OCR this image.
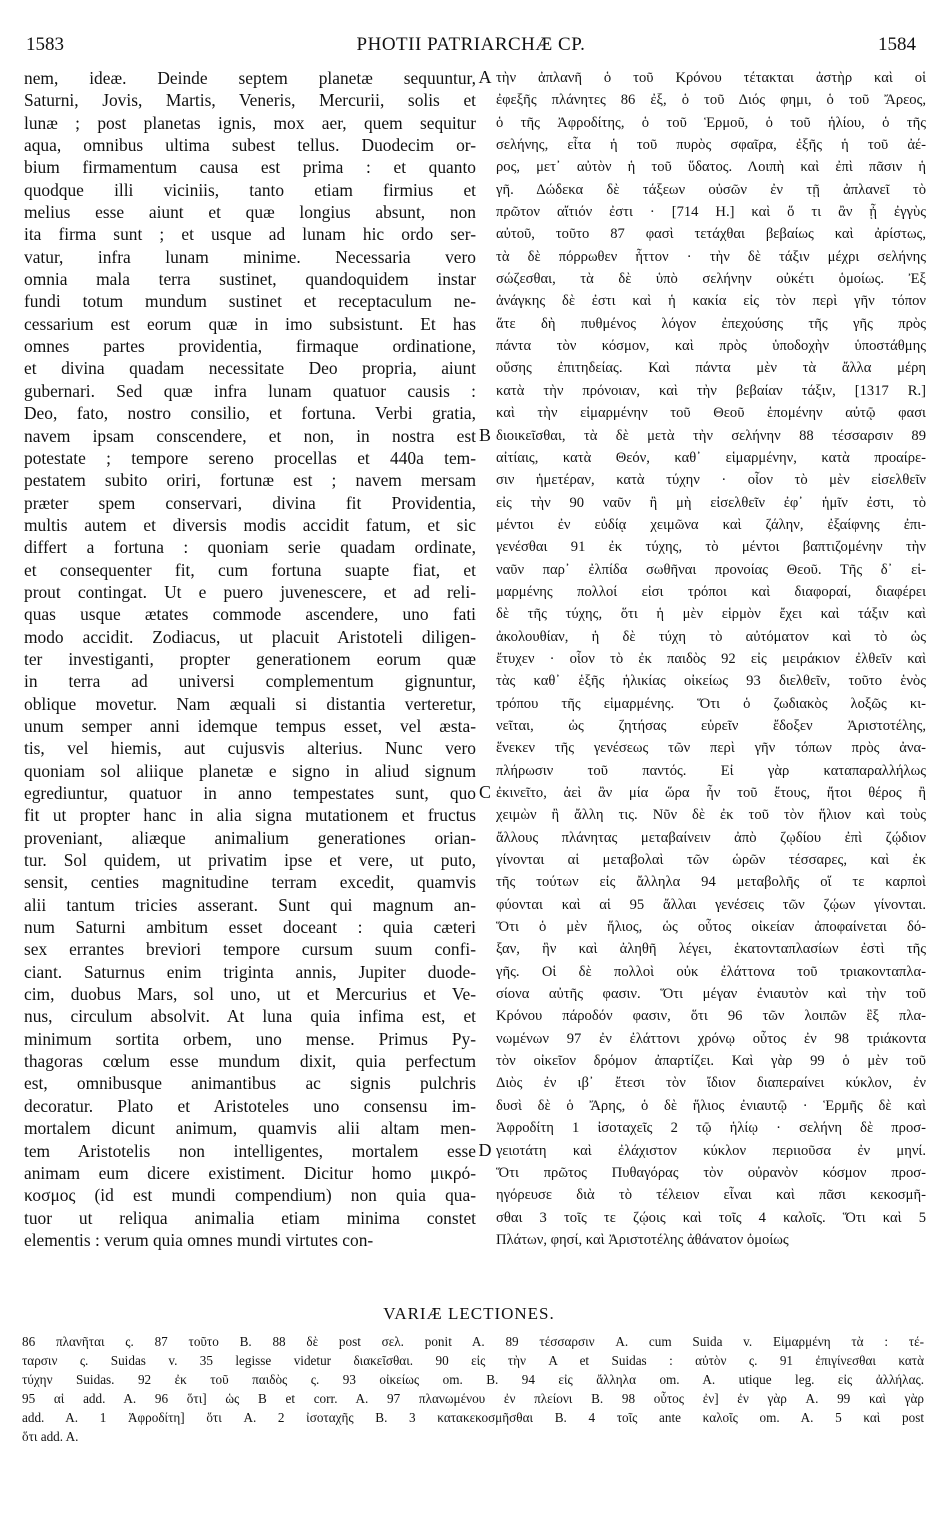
1583	PHOTII PATRIARCHÆ CP.	1584
nem, ideæ. Deinde septem planetæ sequuntur,
Saturni, Jovis, Martis, Veneris, Mercurii, solis et
lunæ ; post planetas ignis, mox aer, quem sequitur
aqua, omnibus ultima subest tellus. Duodecim or-
bium firmamentum causa est prima : et quanto
quodque illi viciniis, tanto etiam firmius et
melius esse aiunt et quæ longius absunt, non
ita firma sunt ; et usque ad lunam hic ordo ser-
vatur, infra lunam minime. Necessaria vero
omnia mala terra sustinet, quandoquidem instar
fundi totum mundum sustinet et receptaculum ne-
cessarium est eorum quæ in imo subsistunt. Et has
omnes partes providentia, firmaque ordinatione,
et divina quadam necessitate Deo propria, aiunt
gubernari. Sed quæ infra lunam quatuor causis :
Deo, fato, nostro consilio, et fortuna. Verbi gratia,
navem ipsam conscendere, et non, in nostra est
potestate ; tempore sereno procellas et 440a tem-
pestatem subito oriri, fortunæ est ; navem mersam
præter spem conservari, divina fit Providentia,
multis autem et diversis modis accidit fatum, et sic
differt a fortuna : quoniam serie quadam ordinate,
et consequenter fit, cum fortuna suapte fiat, et
prout contingat. Ut e puero juvenescere, et ad reli-
quas usque ætates commode ascendere, uno fati
modo accidit. Zodiacus, ut placuit Aristoteli diligen-
ter investiganti, propter generationem eorum quæ
in terra ad universi complementum gignuntur,
oblique movetur. Nam æquali si distantia verteretur,
unum semper anni idemque tempus esset, vel æsta-
tis, vel hiemis, aut cujusvis alterius. Nunc vero
quoniam sol aliique planetæ e signo in aliud signum
egrediuntur, quatuor in anno tempestates sunt, quo
fit ut propter hanc in alia signa mutationem et fructus
proveniant, aliæque animalium generationes orian-
tur. Sol quidem, ut privatim ipse et vere, ut puto,
sensit, centies magnitudine terram excedit, quamvis
alii tantum tricies asserant. Sunt qui magnum an-
num Saturni ambitum esset doceant : quia cæteri
sex errantes breviori tempore cursum suum confi-
ciant. Saturnus enim triginta annis, Jupiter duode-
cim, duobus Mars, sol uno, ut et Mercurius et Ve-
nus, circulum absolvit. At luna quia infima est, et
minimum sortita orbem, uno mense. Primus Py-
thagoras cœlum esse mundum dixit, quia perfectum
est, omnibusque animantibus ac signis pulchris
decoratur. Plato et Aristoteles uno consensu im-
mortalem dicunt animum, quamvis alii altam men-
tem Aristotelis non intelligentes, mortalem esse
animam eum dicere existiment. Dicitur homo μικρό-
κοσμος (id est mundi compendium) non quia qua-
tuor ut reliqua animalia etiam minima constet
elementis : verum quia omnes mundi virtutes con-
τὴν ἀπλανῆ ὁ τοῦ Κρόνου τέτακται ἀστὴρ καὶ οἱ
ἐφεξῆς πλάνητες 86 ἐξ, ὁ τοῦ Διός φημι, ὁ τοῦ Ἄρεος,
ὁ τῆς Ἀφροδίτης, ὁ τοῦ Ἑρμοῦ, ὁ τοῦ ἡλίου, ὁ τῆς
σελήνης, εἶτα ἡ τοῦ πυρὸς σφαῖρα, ἐξῆς ἡ τοῦ ἀέ-
ρος, μετ᾽ αὐτὸν ἡ τοῦ ὕδατος. Λοιπὴ καὶ ἐπὶ πᾶσιν ἡ
γῆ. Δώδεκα δὲ τάξεων οὐσῶν ἐν τῇ ἀπλανεῖ τὸ
πρῶτον αἴτιόν ἐστι · [714 H.] καὶ ὅ τι ἂν ᾖ ἐγγὺς
αὐτοῦ, τοῦτο 87 φασὶ τετάχθαι βεβαίως καὶ ἀρίστως,
τὰ δὲ πόρρωθεν ἧττον · τὴν δὲ τάξιν μέχρι σελήνης
σώζεσθαι, τὰ δὲ ὑπὸ σελήνην οὐκέτι ὁμοίως. Ἐξ
ἀνάγκης δὲ ἐστι καὶ ἡ κακία εἰς τὸν περὶ γῆν τόπον
ἅτε δὴ πυθμένος λόγον ἐπεχούσης τῆς γῆς πρὸς
πάντα τὸν κόσμον, καὶ πρὸς ὑποδοχὴν ὑποστάθμης
οὔσης ἐπιτηδείας. Καὶ πάντα μὲν τὰ ἄλλα μέρη
κατὰ τὴν πρόνοιαν, καὶ τὴν βεβαίαν τάξιν, [1317 R.]
καὶ τὴν εἱμαρμένην τοῦ Θεοῦ ἑπομένην αὐτῷ φασι
διοικεῖσθαι, τὰ δὲ μετὰ τὴν σελήνην 88 τέσσαρσιν 89
αἰτίαις, κατὰ Θεόν, καθ᾽ εἱμαρμένην, κατὰ προαίρε-
σιν ἡμετέραν, κατὰ τύχην · οἷον τὸ μὲν εἰσελθεῖν
εἰς τὴν 90 ναῦν ἢ μὴ εἰσελθεῖν ἐφ᾽ ἡμῖν ἐστι, τὸ
μέντοι ἐν εὐδίᾳ χειμῶνα καὶ ζάλην, ἐξαίφνης ἐπι-
γενέσθαι 91 ἐκ τύχης, τὸ μέντοι βαπτιζομένην τὴν
ναῦν παρ᾽ ἐλπίδα σωθῆναι προνοίας Θεοῦ. Τῆς δ᾽ εἱ-
μαρμένης πολλοί εἰσι τρόποι καὶ διαφοραί, διαφέρει
δὲ τῆς τύχης, ὅτι ἡ μὲν εἱρμὸν ἔχει καὶ τάξιν καὶ
ἀκολουθίαν, ἡ δὲ τύχη τὸ αὐτόματον καὶ τὸ ὡς
ἔτυχεν · οἷον τὸ ἐκ παιδὸς 92 εἰς μειράκιον ἐλθεῖν καὶ
τὰς καθ᾽ ἑξῆς ἡλικίας οἰκείως 93 διελθεῖν, τοῦτο ἑνὸς
τρόπου τῆς εἱμαρμένης. Ὅτι ὁ ζωδιακὸς λοξῶς κι-
νεῖται, ὡς ζητήσας εὑρεῖν ἔδοξεν Ἀριστοτέλης,
ἕνεκεν τῆς γενέσεως τῶν περὶ γῆν τόπων πρὸς ἀνα-
πλήρωσιν τοῦ παντός. Εἰ γὰρ καταπαραλλήλως
ἐκινεῖτο, ἀεὶ ἂν μία ὥρα ἦν τοῦ ἔτους, ἤτοι θέρος ἢ
χειμὼν ἢ ἄλλη τις. Νῦν δὲ ἐκ τοῦ τὸν ἥλιον καὶ τοὺς
ἄλλους πλάνητας μεταβαίνειν ἀπὸ ζῳδίου ἐπὶ ζῴδιον
γίνονται αἱ μεταβολαὶ τῶν ὡρῶν τέσσαρες, καὶ ἐκ
τῆς τούτων εἰς ἄλληλα 94 μεταβολῆς οἵ τε καρποὶ
φύονται καὶ αἱ 95 ἄλλαι γενέσεις τῶν ζῴων γίνονται.
Ὅτι ὁ μὲν ἥλιος, ὡς οὗτος οἰκείαν ἀποφαίνεται δό-
ξαν, ἣν καὶ ἀληθῆ λέγει, ἑκατονταπλασίων ἐστὶ τῆς
γῆς. Οἱ δὲ πολλοὶ οὐκ ἐλάττονα τοῦ τριακονταπλα-
σίονα αὐτῆς φασιν. Ὅτι μέγαν ἐνιαυτὸν καὶ τὴν τοῦ
Κρόνου πάροδόν φασιν, ὅτι 96 τῶν λοιπῶν ἓξ πλα-
νωμένων 97 ἐν ἐλάττονι χρόνῳ οὗτος ἐν 98 τριάκοντα
τὸν οἰκεῖον δρόμον ἀπαρτίζει. Καὶ γὰρ 99 ὁ μὲν τοῦ
Διὸς ἐν ιβ᾽ ἔτεσι τὸν ἴδιον διαπεραίνει κύκλον, ἐν
δυσὶ δὲ ὁ Ἄρης, ὁ δὲ ἥλιος ἐνιαυτῷ · Ἑρμῆς δὲ καὶ
Ἀφροδίτη 1 ἰσοταχεῖς 2 τῷ ἡλίῳ · σελήνη δὲ προσ-
γειοτάτη καὶ ἐλάχιστον κύκλον περιιοῦσα ἐν μηνί.
Ὅτι πρῶτος Πυθαγόρας τὸν οὐρανὸν κόσμον προσ-
ηγόρευσε διὰ τὸ τέλειον εἶναι καὶ πᾶσι κεκοσμῆ-
σθαι 3 τοῖς τε ζῴοις καὶ τοῖς 4 καλοῖς. Ὅτι καὶ 5
Πλάτων, φησί, καὶ Ἀριστοτέλης ἀθάνατον ὁμοίως
A
B
C
D
VARIÆ LECTIONES.
86 πλανῆται ς. 87 τοῦτο B. 88 δὲ post σελ. ponit A. 89 τέσσαρσιν A. cum Suida v. Εἱμαρμένη τὰ : τέ-
ταρσιν ς. Suidas v. 35 legisse videtur διακεῖσθαι. 90 εἰς τὴν A et Suidas : αὐτὸν ς. 91 ἐπιγίνεσθαι κατὰ
τύχην Suidas. 92 ἐκ τοῦ παιδὸς ς. 93 οἰκείως om. B. 94 εἰς ἄλληλα om. A. utique leg. εἰς ἀλλήλας.
95 αἱ add. A. 96 ὅτι] ὡς B et corr. A. 97 πλανωμένου ἐν πλείονι B. 98 οὗτος ἐν] ἐν γὰρ A. 99 καὶ γὰρ
add. A. 1 Ἀφροδίτη] ὅτι A. 2 ἰσοταχῆς B. 3 κατακεκοσμῆσθαι B. 4 τοῖς ante καλοῖς om. A. 5 καὶ post
ὅτι add. A.
